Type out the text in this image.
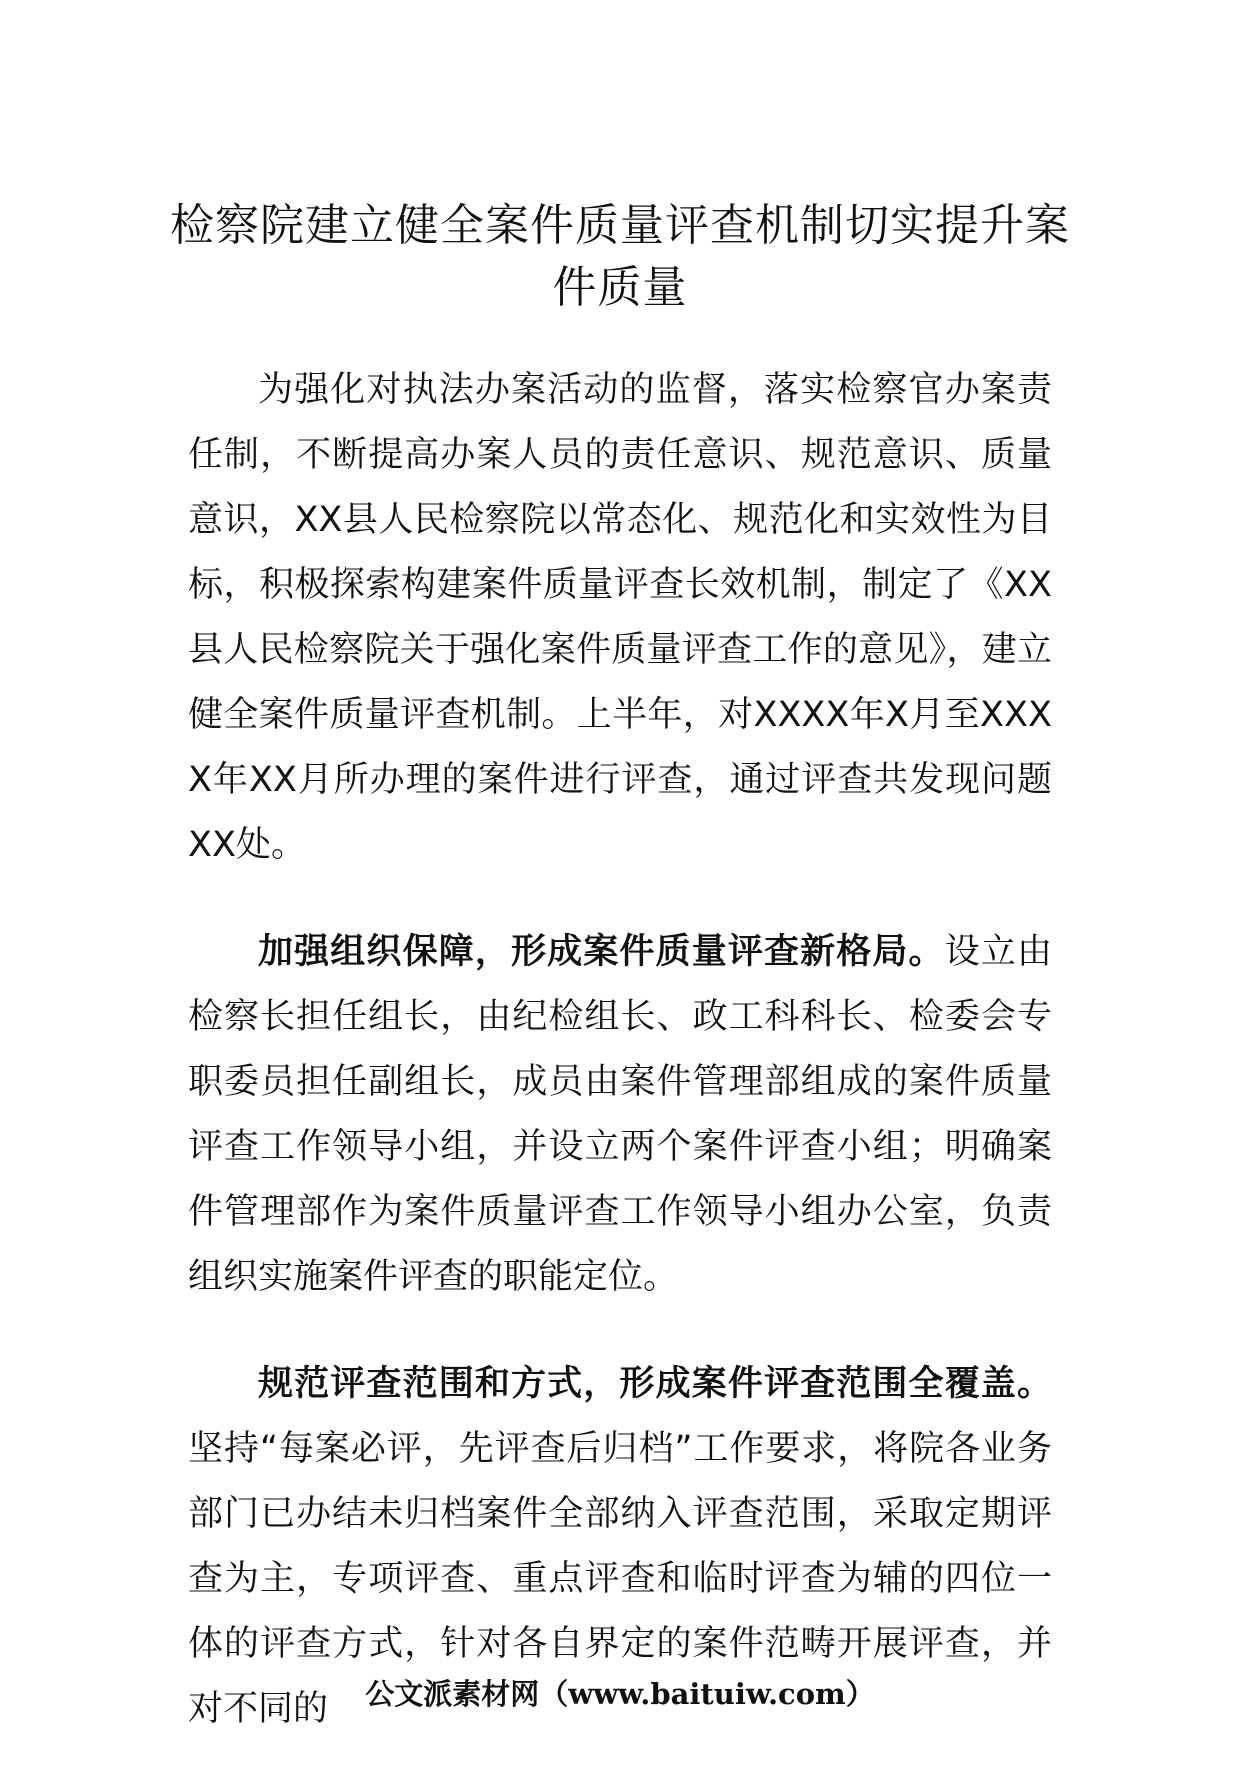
检察院建立健全案件质量评查机制切实提升案件质量

为强化对执法办案活动的监督，落实检察官办案责任制，不断提高办案人员的责任意识、规范意识、质量意识，XX县人民检察院以常态化、规范化和实效性为目标，积极探索构建案件质量评查长效机制，制定了《XX县人民检察院关于强化案件质量评查工作的意见》，建立健全案件质量评查机制。上半年，对XXXX年X月至XXXX年XX月所办理的案件进行评查，通过评查共发现问题XX处。

加强组织保障，形成案件质量评查新格局。设立由检察长担任组长，由纪检组长、政工科科长、检委会专职委员担任副组长，成员由案件管理部组成的案件质量评查工作领导小组，并设立两个案件评查小组；明确案件管理部作为案件质量评查工作领导小组办公室，负责组织实施案件评查的职能定位。

规范评查范围和方式，形成案件评查范围全覆盖。坚持“每案必评，先评查后归档”工作要求，将院各业务部门已办结未归档案件全部纳入评查范围，采取定期评查为主，专项评查、重点评查和临时评查为辅的四位一体的评查方式，针对各自界定的案件范畴开展评查，并对不同的	公文派素材网（www.baituiw.com）
